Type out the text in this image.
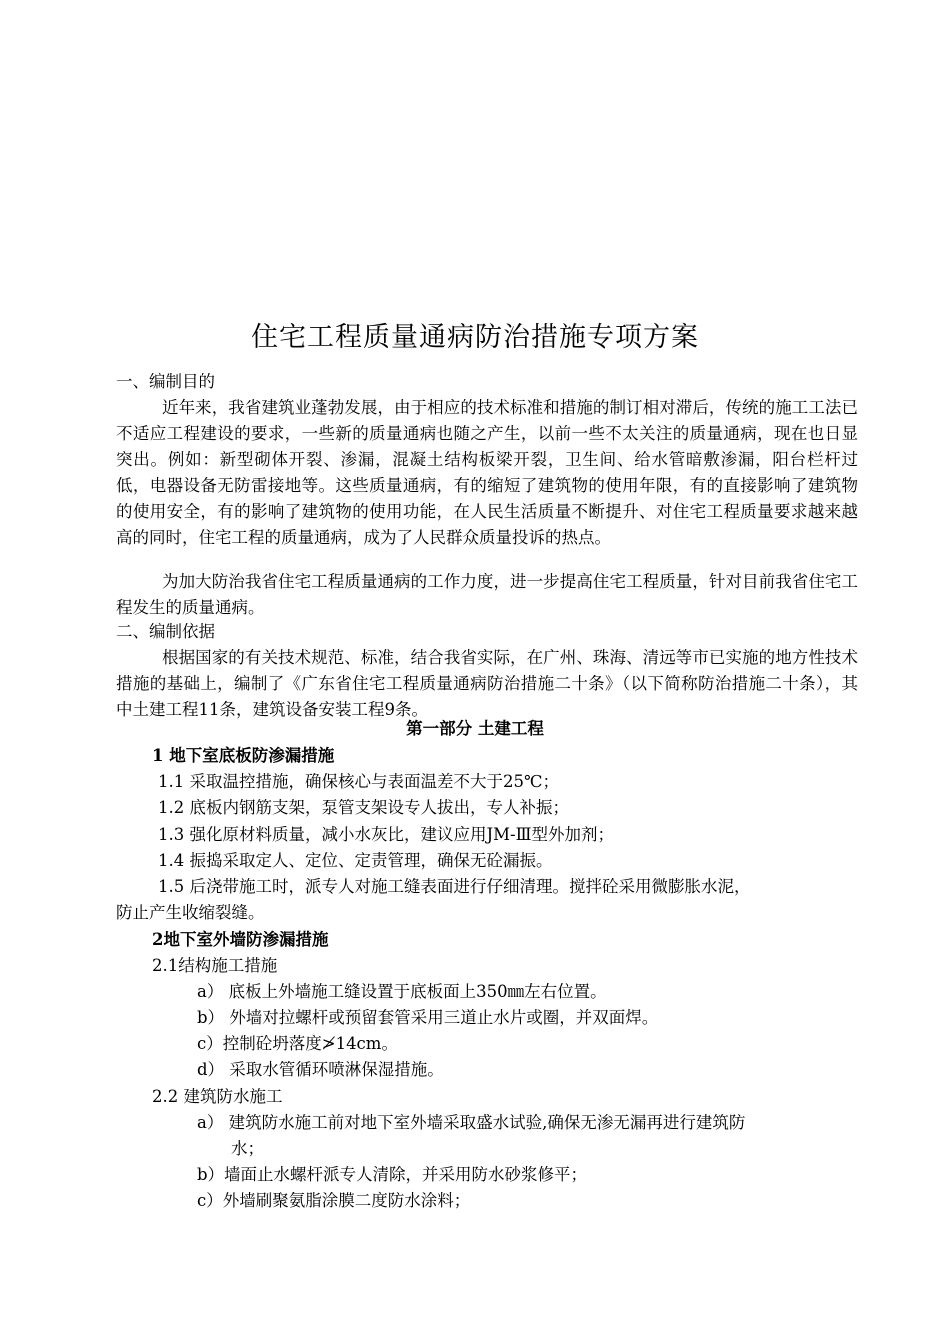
住宅工程质量通病防治措施专项方案
一、编制目的
近年来，我省建筑业蓬勃发展，由于相应的技术标准和措施的制订相对滞后，传统的施工工法已不适应工程建设的要求，一些新的质量通病也随之产生，以前一些不太关注的质量通病，现在也日显突出。例如：新型砌体开裂、渗漏，混凝土结构板梁开裂，卫生间、给水管暗敷渗漏，阳台栏杆过低，电器设备无防雷接地等。这些质量通病，有的缩短了建筑物的使用年限，有的直接影响了建筑物的使用安全，有的影响了建筑物的使用功能，在人民生活质量不断提升、对住宅工程质量要求越来越高的同时，住宅工程的质量通病，成为了人民群众质量投诉的热点。
为加大防治我省住宅工程质量通病的工作力度，进一步提高住宅工程质量，针对目前我省住宅工程发生的质量通病。
二、编制依据
根据国家的有关技术规范、标准，结合我省实际，在广州、珠海、清远等市已实施的地方性技术措施的基础上，编制了《广东省住宅工程质量通病防治措施二十条》（以下简称防治措施二十条），其中土建工程11条，建筑设备安装工程9条。
第一部分 土建工程
1 地下室底板防渗漏措施
1.1 采取温控措施，确保核心与表面温差不大于25℃；
1.2 底板内钢筋支架，泵管支架设专人拔出，专人补振；
1.3 强化原材料质量，减小水灰比，建议应用JM-Ⅲ型外加剂；
1.4 振捣采取定人、定位、定责管理，确保无砼漏振。
1.5 后浇带施工时，派专人对施工缝表面进行仔细清理。搅拌砼采用微膨胀水泥，
防止产生收缩裂缝。
2地下室外墙防渗漏措施
2.1结构施工措施
a） 底板上外墙施工缝设置于底板面上350㎜左右位置。
b） 外墙对拉螺杆或预留套管采用三道止水片或圈，并双面焊。
c）控制砼坍落度≯14cm。
d） 采取水管循环喷淋保湿措施。
2.2 建筑防水施工
a） 建筑防水施工前对地下室外墙采取盛水试验,确保无渗无漏再进行建筑防
水；
b）墙面止水螺杆派专人清除，并采用防水砂浆修平；
c）外墙刷聚氨脂涂膜二度防水涂料；
